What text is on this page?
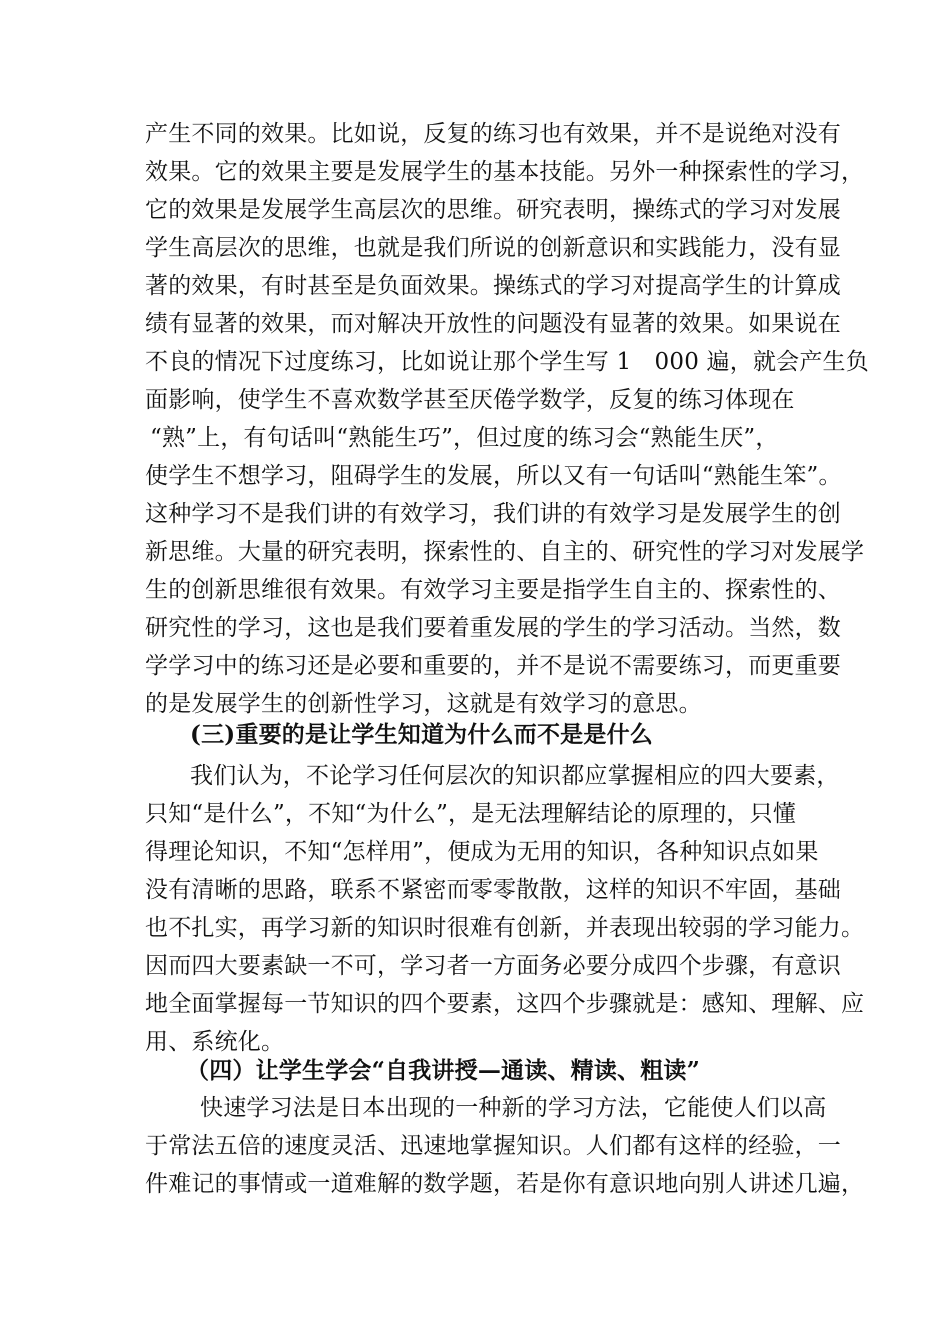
产生不同的效果。比如说，反复的练习也有效果，并不是说绝对没有
效果。它的效果主要是发展学生的基本技能。另外一种探索性的学习，
它的效果是发展学生高层次的思维。研究表明，操练式的学习对发展
学生高层次的思维，也就是我们所说的创新意识和实践能力，没有显
著的效果，有时甚至是负面效果。操练式的学习对提高学生的计算成
绩有显著的效果，而对解决开放性的问题没有显著的效果。如果说在
不良的情况下过度练习，比如说让那个学生写 1　000 遍，就会产生负
面影响，使学生不喜欢数学甚至厌倦学数学，反复的练习体现在
“熟”上，有句话叫“熟能生巧”，但过度的练习会“熟能生厌”，
使学生不想学习，阻碍学生的发展，所以又有一句话叫“熟能生笨”。
这种学习不是我们讲的有效学习，我们讲的有效学习是发展学生的创
新思维。大量的研究表明，探索性的、自主的、研究性的学习对发展学
生的创新思维很有效果。有效学习主要是指学生自主的、探索性的、
研究性的学习，这也是我们要着重发展的学生的学习活动。当然，数
学学习中的练习还是必要和重要的，并不是说不需要练习，而更重要
的是发展学生的创新性学习，这就是有效学习的意思。
(三)重要的是让学生知道为什么而不是是什么
我们认为，不论学习任何层次的知识都应掌握相应的四大要素，
只知“是什么”，不知“为什么”，是无法理解结论的原理的，只懂
得理论知识，不知“怎样用”，便成为无用的知识，各种知识点如果
没有清晰的思路，联系不紧密而零零散散，这样的知识不牢固，基础
也不扎实，再学习新的知识时很难有创新，并表现出较弱的学习能力。
因而四大要素缺一不可，学习者一方面务必要分成四个步骤，有意识
地全面掌握每一节知识的四个要素，这四个步骤就是：感知、理解、应
用、系统化。
（四）让学生学会“自我讲授—通读、精读、粗读”
快速学习法是日本出现的一种新的学习方法，它能使人们以高
于常法五倍的速度灵活、迅速地掌握知识。人们都有这样的经验，一
件难记的事情或一道难解的数学题，若是你有意识地向别人讲述几遍，
